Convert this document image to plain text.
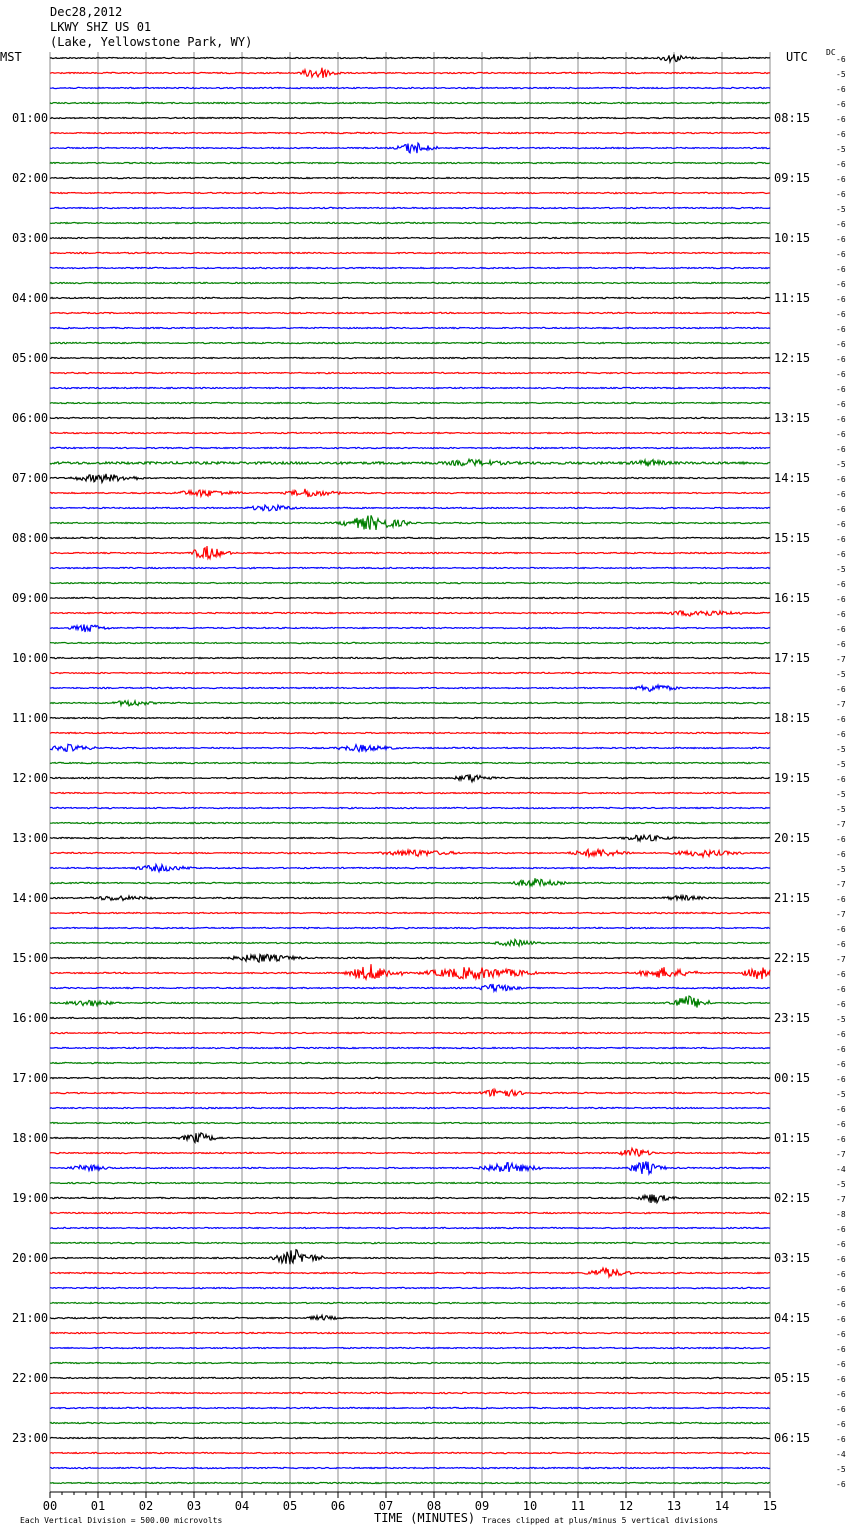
Dec28,2012
LKWY SHZ US 01
(Lake, Yellowstone Park, WY)
MST	UTC DC
01:00
02:00
03:00
04:00
05:00
06:00
07:00
08:00
09:00
10:00
11:00
12:00
13:00
14:00
15:00
16:00
17:00
18:00
19:00
20:00
21:00
22:00
23:00
08:15
09:15
10:15
11:15
12:15
13:15
14:15
15:15
16:15
17:15
18:15
19:15
20:15
21:15
22:15
23:15
00:15
01:15
02:15
03:15
04:15
05:15
06:15
-6
-5
-6
-6
-6
-6
-5
-6
-6
-6
-5
-6
-6
-6
-6
-6
-6
-6
-6
-6
-6
-6
-6
-6
-6
-6
-6
-5
-6
-6
-6
-6
-6
-6
-5
-6
-6
-6
-6
-6
-7
-5
-6
-7
-6
-6
-5
-5
-6
-5
-5
-7
-6
-6
-5
-7
-6
-7
-6
-6
-7
-6
-6
-6
-5
-6
-6
-6
-6
-5
-6
-6
-6
-7
-4
-5
-7
-8
-6
-6
-6
-6
-6
-6
-6
-6
-6
-6
-6
-6
-6
-6
-6
-4
-5
-6
00	01	02	03	04	05	06	07	08	09	10	11	12	13	14	15
TIME (MINUTES)
Each Vertical Division = 500.00 microvolts	Traces clipped at plus/minus 5 vertical divisions
